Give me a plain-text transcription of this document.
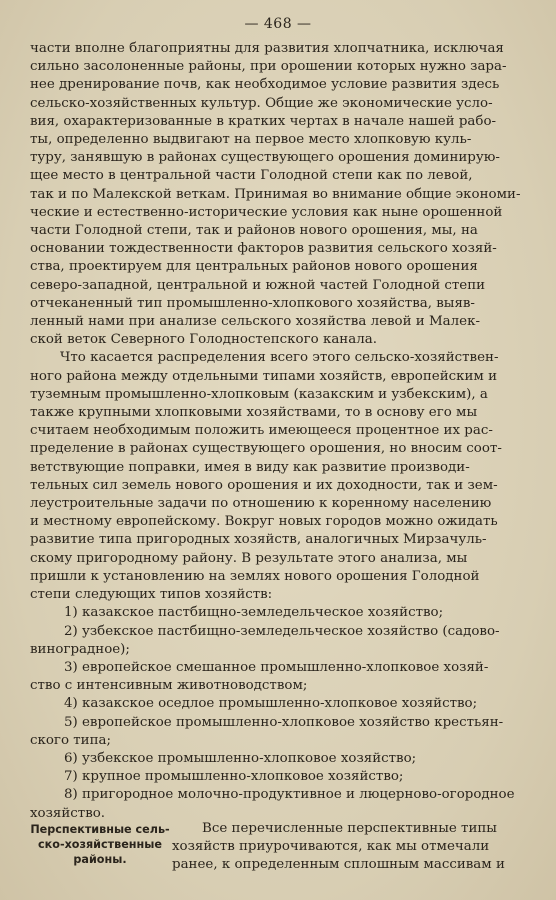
— 468 —
части вполне благоприятны для развития хлопчатника, исключая
сильно засолоненные районы, при орошении которых нужно зара-
нее дренирование почв, как необходимое условие развития здесь
сельско-хозяйственных культур. Общие же экономические усло-
вия, охарактеризованные в кратких чертах в начале нашей рабо-
ты, определенно выдвигают на первое место хлопковую куль-
туру, занявшую в районах существующего орошения доминирую-
щее место в центральной части Голодной степи как по левой,
так и по Малекской веткам. Принимая во внимание общие экономи-
ческие и естественно-исторические условия как ныне орошенной
части Голодной степи, так и районов нового орошения, мы, на
основании тождественности факторов развития сельского хозяй-
ства, проектируем для центральных районов нового орошения
северо-западной, центральной и южной частей Голодной степи
отчеканенный тип промышленно-хлопкового хозяйства, выяв-
ленный нами при анализе сельского хозяйства левой и Малек-
ской веток Северного Голодностепского канала.
Что касается распределения всего этого сельско-хозяйствен-
ного района между отдельными типами хозяйств, европейским и
туземным промышленно-хлопковым (казакским и узбекским), а
также крупными хлопковыми хозяйствами, то в основу его мы
считаем необходимым положить имеющееся процентное их рас-
пределение в районах существующего орошения, но вносим соот-
ветствующие поправки, имея в виду как развитие производи-
тельных сил земель нового орошения и их доходности, так и зем-
леустроительные задачи по отношению к коренному населению
и местному европейскому. Вокруг новых городов можно ожидать
развитие типа пригородных хозяйств, аналогичных Мирзачуль-
скому пригородному району. В результате этого анализа, мы
пришли к установлению на землях нового орошения Голодной
степи следующих типов хозяйств:
1) казакское пастбищно-земледельческое хозяйство;
2) узбекское пастбищно-земледельческое хозяйство (садово-
виноградное);
3) европейское смешанное промышленно-хлопковое хозяй-
ство с интенсивным животноводством;
4) казакское оседлое промышленно-хлопковое хозяйство;
5) европейское промышленно-хлопковое хозяйство крестьян-
ского типа;
6) узбекское промышленно-хлопковое хозяйство;
7) крупное промышленно-хлопковое хозяйство;
8) пригородное молочно-продуктивное и люцерново-огородное
хозяйство.
Перспективные сель-
ско-хозяйственные
районы.
Все перечисленные перспективные типы
хозяйств приурочиваются, как мы отмечали
ранее, к определенным сплошным массивам и
